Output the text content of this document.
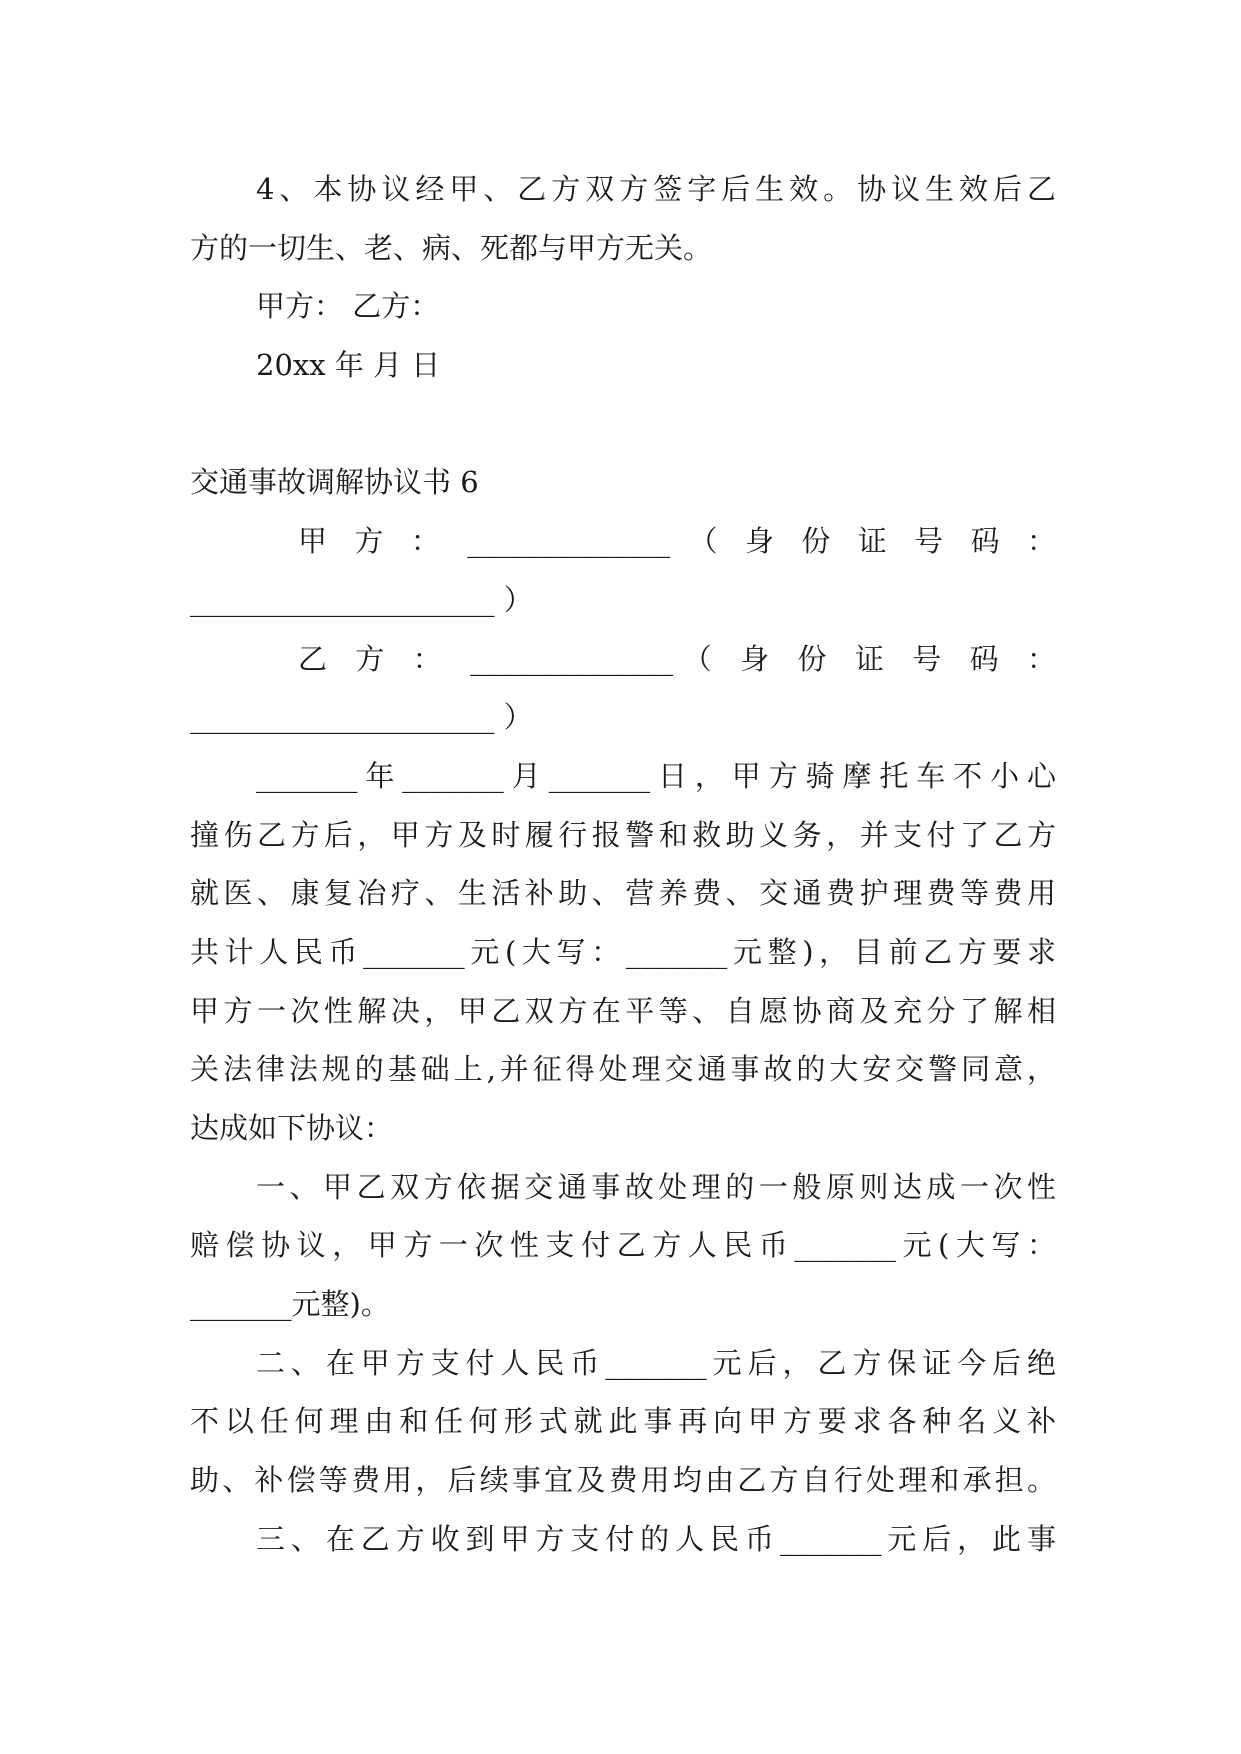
4、本协议经甲、乙方双方签字后生效。协议生效后乙
方的一切生、老、病、死都与甲方无关。
甲方： 乙方：
20xx 年 月 日
交通事故调解协议书 6
甲 方 ： ______________ （ 身 份 证 号 码 ：
_____________________ ）
乙 方 ： ______________（ 身 份 证 号 码 ：
_____________________ ）
_______年_______月_______日，甲方骑摩托车不小心
撞伤乙方后，甲方及时履行报警和救助义务，并支付了乙方
就医、康复冶疗、生活补助、营养费、交通费护理费等费用
共计人民币_______元(大写：_______元整)，目前乙方要求
甲方一次性解决，甲乙双方在平等、自愿协商及充分了解相
关法律法规的基础上,并征得处理交通事故的大安交警同意，
达成如下协议：
一、甲乙双方依据交通事故处理的一般原则达成一次性
赔偿协议，甲方一次性支付乙方人民币_______元(大写：
_______元整)。
二、在甲方支付人民币_______元后，乙方保证今后绝
不以任何理由和任何形式就此事再向甲方要求各种名义补
助、补偿等费用，后续事宜及费用均由乙方自行处理和承担。
三、在乙方收到甲方支付的人民币_______元后，此事
